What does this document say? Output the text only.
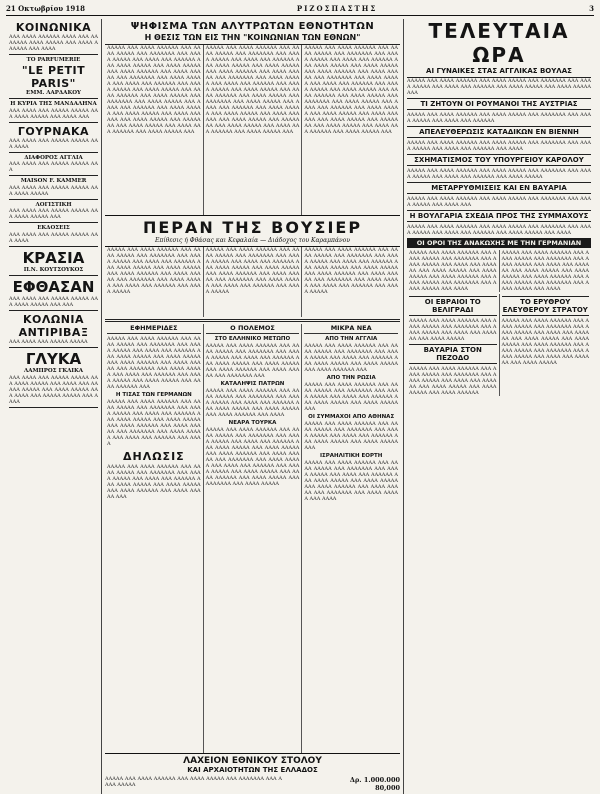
21 Οκτωβρίου 1918	ΡΙΖΟΣΠΑΣΤΗΣ	3
ΚΟΙΝΩΝΙΚΑ
ΑΑΑ ΑΑΑΑ ΑΑΑΑΑΑ ΑΑΑΑ ΑΑΑ ΑΑΑΑΑΑΑ ΑΑΑΑ ΑΑΑΑΑ ΑΑΑ ΑΑΑΑ ΑΑΑΑΑΑ ΑΑΑ ΑΑΑΑ
TO PARFUMERIE
"LE PETIT PARIS"
ΕΜΜ. ΛΑΡΔΑΚΟΥ
Η ΚΥΡΙΑ ΤΗΣ ΜΑΝΔΑΛΗΝΑ
ΑΑΑ ΑΑΑΑ ΑΑΑ ΑΑΑΑΑ ΑΑΑΑΑ ΑΑΑ ΑΑΑΑ ΑΑΑΑΑ ΑΑΑ ΑΑΑΑ ΑΑΑ
ΓΟΥΡΝΑΚΑ
ΑΑΑ ΑΑΑΑ ΑΑΑ ΑΑΑΑΑ ΑΑΑΑΑ ΑΑΑ ΑΑΑΑ
ΔΙΑΦΟΡΟΣ ΑΓΓΛΙΑ
ΑΑΑ ΑΑΑΑ ΑΑΑ ΑΑΑΑΑ ΑΑΑΑΑ ΑΑΑ
MAISON F. KAMMER
ΑΑΑ ΑΑΑΑ ΑΑΑ ΑΑΑΑΑ ΑΑΑΑΑ ΑΑΑ ΑΑΑΑ ΑΑΑΑΑ
ΛΟΓΙΣΤΙΚΗ
ΑΑΑ ΑΑΑΑ ΑΑΑ ΑΑΑΑΑ ΑΑΑΑΑ ΑΑΑ ΑΑΑΑ ΑΑΑΑΑ ΑΑΑ
ΕΚΔΟΣΕΙΣ
ΑΑΑ ΑΑΑΑ ΑΑΑ ΑΑΑΑΑ ΑΑΑΑΑ ΑΑΑ ΑΑΑΑ
ΚΡΑΣΙΑ
Π.Ν. ΚΟΥΤΣΟΥΚΟΣ
ΕΦΘΑΣΑΝ
ΑΑΑ ΑΑΑΑ ΑΑΑ ΑΑΑΑΑ ΑΑΑΑΑ ΑΑΑ ΑΑΑΑ ΑΑΑΑΑ ΑΑΑ ΑΑΑ
ΚΟΛΩΝΙΑ
ΑΝΤΙΡΙΒΑΞ
ΑΑΑ ΑΑΑΑ ΑΑΑ ΑΑΑΑΑ ΑΑΑΑΑ
ΓΛΥΚΑ
ΛΑΜΠΡΟΣ ΓΚΛΙΚΑ
ΑΑΑ ΑΑΑΑ ΑΑΑ ΑΑΑΑΑ ΑΑΑΑΑ ΑΑΑ ΑΑΑΑ ΑΑΑΑΑ ΑΑΑ ΑΑΑΑ ΑΑΑ ΑΑΑΑΑ ΑΑΑΑΑ ΑΑΑ ΑΑΑΑ ΑΑΑΑΑ ΑΑΑ ΑΑΑΑ ΑΑΑ ΑΑΑΑΑ ΑΑΑΑΑ ΑΑΑ ΑΑΑΑ
ΨΗΦΙΣΜΑ ΤΩΝ ΑΛΥΤΡΩΤΩΝ ΕΘΝΟΤΗΤΩΝ
Η ΘΕΣΙΣ ΤΩΝ ΕΙΣ ΤΗΝ "ΚΟΙΝΩΝΙΑΝ ΤΩΝ ΕΘΝΩΝ"
ΑΑΑΑΑ ΑΑΑ ΑΑΑΑ ΑΑΑΑΑΑ ΑΑΑ ΑΑΑΑ ΑΑΑΑΑ ΑΑΑ ΑΑΑΑΑΑΑ ΑΑΑ ΑΑΑΑ ΑΑΑΑΑ ΑΑΑ ΑΑΑΑ ΑΑΑ ΑΑΑΑΑΑ ΑΑΑ ΑΑΑΑ ΑΑΑΑΑ ΑΑΑ ΑΑΑΑ ΑΑΑΑΑ ΑΑΑ ΑΑΑΑ ΑΑΑΑΑΑ ΑΑΑ ΑΑΑΑ ΑΑΑΑΑ ΑΑΑ ΑΑΑΑΑΑΑ ΑΑΑ ΑΑΑΑ ΑΑΑΑΑ ΑΑΑ ΑΑΑΑ ΑΑΑ ΑΑΑΑΑΑ ΑΑΑ ΑΑΑΑ ΑΑΑΑΑ ΑΑΑ ΑΑΑΑ ΑΑΑΑΑ ΑΑΑ ΑΑΑΑ ΑΑΑΑΑΑ ΑΑΑ ΑΑΑΑ ΑΑΑΑΑ ΑΑΑ ΑΑΑΑΑΑΑ ΑΑΑ ΑΑΑΑ ΑΑΑΑΑ ΑΑΑ ΑΑΑΑ ΑΑΑ ΑΑΑΑΑΑ ΑΑΑ ΑΑΑΑ ΑΑΑΑΑ ΑΑΑ ΑΑΑΑ ΑΑΑΑΑ ΑΑΑ ΑΑΑΑ ΑΑΑΑΑΑ ΑΑΑ ΑΑΑΑ ΑΑΑΑΑ ΑΑΑ ΑΑΑΑΑΑΑ ΑΑΑ ΑΑΑΑ ΑΑΑΑΑ ΑΑΑ ΑΑΑΑ ΑΑΑ ΑΑΑΑΑΑ ΑΑΑ ΑΑΑΑ ΑΑΑΑΑ ΑΑΑ
ΑΑΑΑΑ ΑΑΑ ΑΑΑΑ ΑΑΑΑΑΑ ΑΑΑ ΑΑΑΑ ΑΑΑΑΑ ΑΑΑ ΑΑΑΑΑΑΑ ΑΑΑ ΑΑΑΑ ΑΑΑΑΑ ΑΑΑ ΑΑΑΑ ΑΑΑ ΑΑΑΑΑΑ ΑΑΑ ΑΑΑΑ ΑΑΑΑΑ ΑΑΑ ΑΑΑΑ ΑΑΑΑΑ ΑΑΑ ΑΑΑΑ ΑΑΑΑΑΑ ΑΑΑ ΑΑΑΑ ΑΑΑΑΑ ΑΑΑ ΑΑΑΑΑΑΑ ΑΑΑ ΑΑΑΑ ΑΑΑΑΑ ΑΑΑ ΑΑΑΑ ΑΑΑ ΑΑΑΑΑΑ ΑΑΑ ΑΑΑΑ ΑΑΑΑΑ ΑΑΑ ΑΑΑΑ ΑΑΑΑΑ ΑΑΑ ΑΑΑΑ ΑΑΑΑΑΑ ΑΑΑ ΑΑΑΑ ΑΑΑΑΑ ΑΑΑ ΑΑΑΑΑΑΑ ΑΑΑ ΑΑΑΑ ΑΑΑΑΑ ΑΑΑ ΑΑΑΑ ΑΑΑ ΑΑΑΑΑΑ ΑΑΑ ΑΑΑΑ ΑΑΑΑΑ ΑΑΑ ΑΑΑΑ ΑΑΑΑΑ ΑΑΑ ΑΑΑΑ ΑΑΑΑΑΑ ΑΑΑ ΑΑΑΑ ΑΑΑΑΑ ΑΑΑ ΑΑΑΑΑΑΑ ΑΑΑ ΑΑΑΑ ΑΑΑΑΑ ΑΑΑ ΑΑΑΑ ΑΑΑ ΑΑΑΑΑΑ ΑΑΑ ΑΑΑΑ ΑΑΑΑΑ ΑΑΑ
ΑΑΑΑΑ ΑΑΑ ΑΑΑΑ ΑΑΑΑΑΑ ΑΑΑ ΑΑΑΑ ΑΑΑΑΑ ΑΑΑ ΑΑΑΑΑΑΑ ΑΑΑ ΑΑΑΑ ΑΑΑΑΑ ΑΑΑ ΑΑΑΑ ΑΑΑ ΑΑΑΑΑΑ ΑΑΑ ΑΑΑΑ ΑΑΑΑΑ ΑΑΑ ΑΑΑΑ ΑΑΑΑΑ ΑΑΑ ΑΑΑΑ ΑΑΑΑΑΑ ΑΑΑ ΑΑΑΑ ΑΑΑΑΑ ΑΑΑ ΑΑΑΑΑΑΑ ΑΑΑ ΑΑΑΑ ΑΑΑΑΑ ΑΑΑ ΑΑΑΑ ΑΑΑ ΑΑΑΑΑΑ ΑΑΑ ΑΑΑΑ ΑΑΑΑΑ ΑΑΑ ΑΑΑΑ ΑΑΑΑΑ ΑΑΑ ΑΑΑΑ ΑΑΑΑΑΑ ΑΑΑ ΑΑΑΑ ΑΑΑΑΑ ΑΑΑ ΑΑΑΑΑΑΑ ΑΑΑ ΑΑΑΑ ΑΑΑΑΑ ΑΑΑ ΑΑΑΑ ΑΑΑ ΑΑΑΑΑΑ ΑΑΑ ΑΑΑΑ ΑΑΑΑΑ ΑΑΑ ΑΑΑΑ ΑΑΑΑΑ ΑΑΑ ΑΑΑΑ ΑΑΑΑΑΑ ΑΑΑ ΑΑΑΑ ΑΑΑΑΑ ΑΑΑ ΑΑΑΑΑΑΑ ΑΑΑ ΑΑΑΑ ΑΑΑΑΑ ΑΑΑ ΑΑΑΑ ΑΑΑ ΑΑΑΑΑΑ ΑΑΑ ΑΑΑΑ ΑΑΑΑΑ ΑΑΑ
ΠΕΡΑΝ ΤΗΣ ΒΟΥΣΙΕΡ
Επίθεσις ή Φθάσας και Κεφαλαία — Διάδοχος του Καραμπάνου
ΑΑΑΑΑ ΑΑΑ ΑΑΑΑ ΑΑΑΑΑΑ ΑΑΑ ΑΑΑΑ ΑΑΑΑΑ ΑΑΑ ΑΑΑΑΑΑΑ ΑΑΑ ΑΑΑΑ ΑΑΑΑΑ ΑΑΑ ΑΑΑΑ ΑΑΑ ΑΑΑΑΑΑ ΑΑΑ ΑΑΑΑ ΑΑΑΑΑ ΑΑΑ ΑΑΑΑ ΑΑΑΑΑ ΑΑΑ ΑΑΑΑ ΑΑΑΑΑΑ ΑΑΑ ΑΑΑΑ ΑΑΑΑΑ ΑΑΑ ΑΑΑΑΑΑΑ ΑΑΑ ΑΑΑΑ ΑΑΑΑΑ ΑΑΑ ΑΑΑΑ ΑΑΑ ΑΑΑΑΑΑ ΑΑΑ ΑΑΑΑ ΑΑΑΑΑ
ΑΑΑΑΑ ΑΑΑ ΑΑΑΑ ΑΑΑΑΑΑ ΑΑΑ ΑΑΑΑ ΑΑΑΑΑ ΑΑΑ ΑΑΑΑΑΑΑ ΑΑΑ ΑΑΑΑ ΑΑΑΑΑ ΑΑΑ ΑΑΑΑ ΑΑΑ ΑΑΑΑΑΑ ΑΑΑ ΑΑΑΑ ΑΑΑΑΑ ΑΑΑ ΑΑΑΑ ΑΑΑΑΑ ΑΑΑ ΑΑΑΑ ΑΑΑΑΑΑ ΑΑΑ ΑΑΑΑ ΑΑΑΑΑ ΑΑΑ ΑΑΑΑΑΑΑ ΑΑΑ ΑΑΑΑ ΑΑΑΑΑ ΑΑΑ ΑΑΑΑ ΑΑΑ ΑΑΑΑΑΑ ΑΑΑ ΑΑΑΑ ΑΑΑΑΑ
ΑΑΑΑΑ ΑΑΑ ΑΑΑΑ ΑΑΑΑΑΑ ΑΑΑ ΑΑΑΑ ΑΑΑΑΑ ΑΑΑ ΑΑΑΑΑΑΑ ΑΑΑ ΑΑΑΑ ΑΑΑΑΑ ΑΑΑ ΑΑΑΑ ΑΑΑ ΑΑΑΑΑΑ ΑΑΑ ΑΑΑΑ ΑΑΑΑΑ ΑΑΑ ΑΑΑΑ ΑΑΑΑΑ ΑΑΑ ΑΑΑΑ ΑΑΑΑΑΑ ΑΑΑ ΑΑΑΑ ΑΑΑΑΑ ΑΑΑ ΑΑΑΑΑΑΑ ΑΑΑ ΑΑΑΑ ΑΑΑΑΑ ΑΑΑ ΑΑΑΑ ΑΑΑ ΑΑΑΑΑΑ ΑΑΑ ΑΑΑΑ ΑΑΑΑΑ
ΕΦΗΜΕΡΙΔΕΣ
ΑΑΑΑΑ ΑΑΑ ΑΑΑΑ ΑΑΑΑΑΑ ΑΑΑ ΑΑΑΑ ΑΑΑΑΑ ΑΑΑ ΑΑΑΑΑΑΑ ΑΑΑ ΑΑΑΑ ΑΑΑΑΑ ΑΑΑ ΑΑΑΑ ΑΑΑ ΑΑΑΑΑΑ ΑΑΑ ΑΑΑΑ ΑΑΑΑΑ ΑΑΑ ΑΑΑΑ ΑΑΑΑΑ ΑΑΑ ΑΑΑΑ ΑΑΑΑΑΑ ΑΑΑ ΑΑΑΑ ΑΑΑΑΑ ΑΑΑ ΑΑΑΑΑΑΑ ΑΑΑ ΑΑΑΑ ΑΑΑΑΑ ΑΑΑ ΑΑΑΑ ΑΑΑ ΑΑΑΑΑΑ ΑΑΑ ΑΑΑΑ ΑΑΑΑΑ ΑΑΑ ΑΑΑΑ ΑΑΑΑΑ ΑΑΑ ΑΑΑΑ ΑΑΑΑΑΑ ΑΑΑ
Η ΤΙΣΑΣ ΤΩΝ ΓΕΡΜΑΝΩΝ
ΑΑΑΑΑ ΑΑΑ ΑΑΑΑ ΑΑΑΑΑΑ ΑΑΑ ΑΑΑΑ ΑΑΑΑΑ ΑΑΑ ΑΑΑΑΑΑΑ ΑΑΑ ΑΑΑΑ ΑΑΑΑΑ ΑΑΑ ΑΑΑΑ ΑΑΑ ΑΑΑΑΑΑ ΑΑΑ ΑΑΑΑ ΑΑΑΑΑ ΑΑΑ ΑΑΑΑ ΑΑΑΑΑ ΑΑΑ ΑΑΑΑ ΑΑΑΑΑΑ ΑΑΑ ΑΑΑΑ ΑΑΑΑΑ ΑΑΑ ΑΑΑΑΑΑΑ ΑΑΑ ΑΑΑΑ ΑΑΑΑΑ ΑΑΑ ΑΑΑΑ ΑΑΑ ΑΑΑΑΑΑ ΑΑΑ ΑΑΑΑ
ΔΗΛΩΣΙΣ
ΑΑΑΑΑ ΑΑΑ ΑΑΑΑ ΑΑΑΑΑΑ ΑΑΑ ΑΑΑΑ ΑΑΑΑΑ ΑΑΑ ΑΑΑΑΑΑΑ ΑΑΑ ΑΑΑΑ ΑΑΑΑΑ ΑΑΑ ΑΑΑΑ ΑΑΑ ΑΑΑΑΑΑ ΑΑΑ ΑΑΑΑ ΑΑΑΑΑ ΑΑΑ ΑΑΑΑ ΑΑΑΑΑ ΑΑΑ ΑΑΑΑ ΑΑΑΑΑΑ ΑΑΑ ΑΑΑΑ ΑΑΑΑΑ ΑΑΑ
Ο ΠΟΛΕΜΟΣ
ΣΤΟ ΕΛΛΗΝΙΚΟ ΜΕΤΩΠΟ
ΑΑΑΑΑ ΑΑΑ ΑΑΑΑ ΑΑΑΑΑΑ ΑΑΑ ΑΑΑΑ ΑΑΑΑΑ ΑΑΑ ΑΑΑΑΑΑΑ ΑΑΑ ΑΑΑΑ ΑΑΑΑΑ ΑΑΑ ΑΑΑΑ ΑΑΑ ΑΑΑΑΑΑ ΑΑΑ ΑΑΑΑ ΑΑΑΑΑ ΑΑΑ ΑΑΑΑ ΑΑΑΑΑ ΑΑΑ ΑΑΑΑ ΑΑΑΑΑΑ ΑΑΑ ΑΑΑΑ ΑΑΑΑΑ ΑΑΑ ΑΑΑΑΑΑΑ ΑΑΑ
ΚΑΤΑΛΗΨΙΣ ΠΑΤΡΩΝ
ΑΑΑΑΑ ΑΑΑ ΑΑΑΑ ΑΑΑΑΑΑ ΑΑΑ ΑΑΑΑ ΑΑΑΑΑ ΑΑΑ ΑΑΑΑΑΑΑ ΑΑΑ ΑΑΑΑ ΑΑΑΑΑ ΑΑΑ ΑΑΑΑ ΑΑΑ ΑΑΑΑΑΑ ΑΑΑ ΑΑΑΑ ΑΑΑΑΑ ΑΑΑ ΑΑΑΑ ΑΑΑΑΑ ΑΑΑ ΑΑΑΑ ΑΑΑΑΑΑ ΑΑΑ ΑΑΑΑ
ΝΕΑΡΑ ΤΟΥΡΚΑ
ΑΑΑΑΑ ΑΑΑ ΑΑΑΑ ΑΑΑΑΑΑ ΑΑΑ ΑΑΑΑ ΑΑΑΑΑ ΑΑΑ ΑΑΑΑΑΑΑ ΑΑΑ ΑΑΑΑ ΑΑΑΑΑ ΑΑΑ ΑΑΑΑ ΑΑΑ ΑΑΑΑΑΑ ΑΑΑ ΑΑΑΑ ΑΑΑΑΑ ΑΑΑ ΑΑΑΑ ΑΑΑΑΑ ΑΑΑ ΑΑΑΑ ΑΑΑΑΑΑ ΑΑΑ ΑΑΑΑ ΑΑΑΑΑ ΑΑΑ ΑΑΑΑΑΑΑ ΑΑΑ ΑΑΑΑ ΑΑΑΑΑ ΑΑΑ ΑΑΑΑ ΑΑΑ ΑΑΑΑΑΑ ΑΑΑ ΑΑΑΑ ΑΑΑΑΑ ΑΑΑ ΑΑΑΑ ΑΑΑΑΑ ΑΑΑ ΑΑΑΑ ΑΑΑΑΑΑ ΑΑΑ ΑΑΑΑ ΑΑΑΑΑ ΑΑΑ ΑΑΑΑΑΑΑ ΑΑΑ ΑΑΑΑ ΑΑΑΑΑ
ΜΙΚΡΑ ΝΕΑ
ΑΠΟ ΤΗΝ ΑΓΓΛΙΑ
ΑΑΑΑΑ ΑΑΑ ΑΑΑΑ ΑΑΑΑΑΑ ΑΑΑ ΑΑΑΑ ΑΑΑΑΑ ΑΑΑ ΑΑΑΑΑΑΑ ΑΑΑ ΑΑΑΑ ΑΑΑΑΑ ΑΑΑ ΑΑΑΑ ΑΑΑ ΑΑΑΑΑΑ ΑΑΑ ΑΑΑΑ ΑΑΑΑΑ ΑΑΑ ΑΑΑΑ ΑΑΑΑΑ ΑΑΑ ΑΑΑΑ ΑΑΑΑΑΑ ΑΑΑ
ΑΠΟ ΤΗΝ ΡΩΣΙΑ
ΑΑΑΑΑ ΑΑΑ ΑΑΑΑ ΑΑΑΑΑΑ ΑΑΑ ΑΑΑΑ ΑΑΑΑΑ ΑΑΑ ΑΑΑΑΑΑΑ ΑΑΑ ΑΑΑΑ ΑΑΑΑΑ ΑΑΑ ΑΑΑΑ ΑΑΑ ΑΑΑΑΑΑ ΑΑΑ ΑΑΑΑ ΑΑΑΑΑ ΑΑΑ ΑΑΑΑ ΑΑΑΑΑ ΑΑΑ
ΟΙ ΣΥΜΜΑΧΟΙ ΑΠΟ ΑΘΗΝΑΣ
ΑΑΑΑΑ ΑΑΑ ΑΑΑΑ ΑΑΑΑΑΑ ΑΑΑ ΑΑΑΑ ΑΑΑΑΑ ΑΑΑ ΑΑΑΑΑΑΑ ΑΑΑ ΑΑΑΑ ΑΑΑΑΑ ΑΑΑ ΑΑΑΑ ΑΑΑ ΑΑΑΑΑΑ ΑΑΑ ΑΑΑΑ ΑΑΑΑΑ ΑΑΑ ΑΑΑΑ ΑΑΑΑΑ ΑΑΑ
ΙΣΡΑΗΛΙΤΙΚΗ ΕΟΡΤΗ
ΑΑΑΑΑ ΑΑΑ ΑΑΑΑ ΑΑΑΑΑΑ ΑΑΑ ΑΑΑΑ ΑΑΑΑΑ ΑΑΑ ΑΑΑΑΑΑΑ ΑΑΑ ΑΑΑΑ ΑΑΑΑΑ ΑΑΑ ΑΑΑΑ ΑΑΑ ΑΑΑΑΑΑ ΑΑΑ ΑΑΑΑ ΑΑΑΑΑ ΑΑΑ ΑΑΑΑ ΑΑΑΑΑ ΑΑΑ ΑΑΑΑ ΑΑΑΑΑΑ ΑΑΑ ΑΑΑΑ ΑΑΑΑΑ ΑΑΑ ΑΑΑΑΑΑΑ ΑΑΑ ΑΑΑΑ ΑΑΑΑΑ ΑΑΑ ΑΑΑΑ
ΛΑΧΕΙΟΝ ΕΘΝΙΚΟΥ ΣΤΟΛΟΥ
ΚΑΙ ΑΡΧΑΙΟΤΗΤΩΝ ΤΗΣ ΕΛΛΑΔΟΣ
ΑΑΑΑΑ ΑΑΑ ΑΑΑΑ ΑΑΑΑΑΑ ΑΑΑ ΑΑΑΑ ΑΑΑΑΑ ΑΑΑ ΑΑΑΑΑΑΑ ΑΑΑ ΑΑΑΑ ΑΑΑΑΑ
Δρ. 1.000.000
80,000
ΤΕΛΕΥΤΑΙΑ ΩΡΑ
ΑΙ ΓΥΝΑΙΚΕΣ ΣΤΑΣ ΑΓΓΛΙΚΑΣ ΒΟΥΛΑΣ
ΑΑΑΑΑ ΑΑΑ ΑΑΑΑ ΑΑΑΑΑΑ ΑΑΑ ΑΑΑΑ ΑΑΑΑΑ ΑΑΑ ΑΑΑΑΑΑΑ ΑΑΑ ΑΑΑΑ ΑΑΑΑΑ ΑΑΑ ΑΑΑΑ ΑΑΑ ΑΑΑΑΑΑ ΑΑΑ ΑΑΑΑ ΑΑΑΑΑ ΑΑΑ ΑΑΑΑ ΑΑΑΑΑ ΑΑΑ
ΤΙ ΖΗΤΟΥΝ ΟΙ ΡΟΥΜΑΝΟΙ ΤΗΣ ΑΥΣΤΡΙΑΣ
ΑΑΑΑΑ ΑΑΑ ΑΑΑΑ ΑΑΑΑΑΑ ΑΑΑ ΑΑΑΑ ΑΑΑΑΑ ΑΑΑ ΑΑΑΑΑΑΑ ΑΑΑ ΑΑΑΑ ΑΑΑΑΑ ΑΑΑ ΑΑΑΑ ΑΑΑ ΑΑΑΑΑΑ
ΑΠΕΛΕΥΘΕΡΩΣΙΣ ΚΑΤΑΔΙΚΩΝ ΕΝ ΒΙΕΝΝΗ
ΑΑΑΑΑ ΑΑΑ ΑΑΑΑ ΑΑΑΑΑΑ ΑΑΑ ΑΑΑΑ ΑΑΑΑΑ ΑΑΑ ΑΑΑΑΑΑΑ ΑΑΑ ΑΑΑΑ ΑΑΑΑΑ ΑΑΑ ΑΑΑΑ ΑΑΑ ΑΑΑΑΑΑ ΑΑΑ ΑΑΑΑ
ΣΧΗΜΑΤΙΣΜΟΣ ΤΟΥ ΥΠΟΥΡΓΕΙΟΥ ΚΑΡΟΛΟΥ
ΑΑΑΑΑ ΑΑΑ ΑΑΑΑ ΑΑΑΑΑΑ ΑΑΑ ΑΑΑΑ ΑΑΑΑΑ ΑΑΑ ΑΑΑΑΑΑΑ ΑΑΑ ΑΑΑΑ ΑΑΑΑΑ ΑΑΑ ΑΑΑΑ ΑΑΑ ΑΑΑΑΑΑ ΑΑΑ ΑΑΑΑ ΑΑΑΑΑ
ΜΕΤΑΡΡΥΘΜΙΣΕΙΣ ΚΑΙ ΕΝ ΒΑΥΑΡΙΑ
ΑΑΑΑΑ ΑΑΑ ΑΑΑΑ ΑΑΑΑΑΑ ΑΑΑ ΑΑΑΑ ΑΑΑΑΑ ΑΑΑ ΑΑΑΑΑΑΑ ΑΑΑ ΑΑΑΑ ΑΑΑΑΑ ΑΑΑ ΑΑΑΑ ΑΑΑ
Η ΒΟΥΛΓΑΡΙΑ ΣΧΕΔΙΑ ΠΡΟΣ ΤΗΣ ΣΥΜΜΑΧΟΥΣ
ΑΑΑΑΑ ΑΑΑ ΑΑΑΑ ΑΑΑΑΑΑ ΑΑΑ ΑΑΑΑ ΑΑΑΑΑ ΑΑΑ ΑΑΑΑΑΑΑ ΑΑΑ ΑΑΑΑ ΑΑΑΑΑ ΑΑΑ ΑΑΑΑ ΑΑΑ ΑΑΑΑΑΑ ΑΑΑ ΑΑΑΑ ΑΑΑΑΑ ΑΑΑ ΑΑΑΑ
ΟΙ ΟΡΟΙ ΤΗΣ ΑΝΑΚΩΧΗΣ ΜΕ ΤΗΝ ΓΕΡΜΑΝΙΑΝ
ΑΑΑΑΑ ΑΑΑ ΑΑΑΑ ΑΑΑΑΑΑ ΑΑΑ ΑΑΑΑ ΑΑΑΑΑ ΑΑΑ ΑΑΑΑΑΑΑ ΑΑΑ ΑΑΑΑ ΑΑΑΑΑ ΑΑΑ ΑΑΑΑ ΑΑΑ ΑΑΑΑΑΑ ΑΑΑ ΑΑΑΑ ΑΑΑΑΑ ΑΑΑ ΑΑΑΑ ΑΑΑΑΑ ΑΑΑ ΑΑΑΑ ΑΑΑΑΑΑ ΑΑΑ ΑΑΑΑ ΑΑΑΑΑ ΑΑΑ ΑΑΑΑΑΑΑ ΑΑΑ ΑΑΑΑ ΑΑΑΑΑ ΑΑΑ ΑΑΑΑ
ΑΑΑΑΑ ΑΑΑ ΑΑΑΑ ΑΑΑΑΑΑ ΑΑΑ ΑΑΑΑ ΑΑΑΑΑ ΑΑΑ ΑΑΑΑΑΑΑ ΑΑΑ ΑΑΑΑ ΑΑΑΑΑ ΑΑΑ ΑΑΑΑ ΑΑΑ ΑΑΑΑΑΑ ΑΑΑ ΑΑΑΑ ΑΑΑΑΑ ΑΑΑ ΑΑΑΑ ΑΑΑΑΑ ΑΑΑ ΑΑΑΑ ΑΑΑΑΑΑ ΑΑΑ ΑΑΑΑ ΑΑΑΑΑ ΑΑΑ ΑΑΑΑΑΑΑ ΑΑΑ ΑΑΑΑ ΑΑΑΑΑ ΑΑΑ ΑΑΑΑ
ΟΙ ΕΒΡΑΙΟΙ ΤΟ ΒΕΛΙΓΡΑΔΙ
ΑΑΑΑΑ ΑΑΑ ΑΑΑΑ ΑΑΑΑΑΑ ΑΑΑ ΑΑΑΑ ΑΑΑΑΑ ΑΑΑ ΑΑΑΑΑΑΑ ΑΑΑ ΑΑΑΑ ΑΑΑΑΑ ΑΑΑ ΑΑΑΑ ΑΑΑ ΑΑΑΑΑΑ ΑΑΑ ΑΑΑΑ ΑΑΑΑΑ
ΒΑΥΑΡΙΑ ΣΤΟΝ ΠΕΖΟΔΟ
ΑΑΑΑΑ ΑΑΑ ΑΑΑΑ ΑΑΑΑΑΑ ΑΑΑ ΑΑΑΑ ΑΑΑΑΑ ΑΑΑ ΑΑΑΑΑΑΑ ΑΑΑ ΑΑΑΑ ΑΑΑΑΑ ΑΑΑ ΑΑΑΑ ΑΑΑ ΑΑΑΑΑΑ ΑΑΑ ΑΑΑΑ ΑΑΑΑΑ ΑΑΑ ΑΑΑΑ ΑΑΑΑΑ ΑΑΑ ΑΑΑΑ ΑΑΑΑΑΑ
ΤΟ ΕΡΥΘΡΟΥ ΕΛΕΥΘΕΡΟΥ ΣΤΡΑΤΟΥ
ΑΑΑΑΑ ΑΑΑ ΑΑΑΑ ΑΑΑΑΑΑ ΑΑΑ ΑΑΑΑ ΑΑΑΑΑ ΑΑΑ ΑΑΑΑΑΑΑ ΑΑΑ ΑΑΑΑ ΑΑΑΑΑ ΑΑΑ ΑΑΑΑ ΑΑΑ ΑΑΑΑΑΑ ΑΑΑ ΑΑΑΑ ΑΑΑΑΑ ΑΑΑ ΑΑΑΑ ΑΑΑΑΑ ΑΑΑ ΑΑΑΑ ΑΑΑΑΑΑ ΑΑΑ ΑΑΑΑ ΑΑΑΑΑ ΑΑΑ ΑΑΑΑΑΑΑ ΑΑΑ ΑΑΑΑ ΑΑΑΑΑ ΑΑΑ ΑΑΑΑ ΑΑΑ ΑΑΑΑΑΑ ΑΑΑ ΑΑΑΑ ΑΑΑΑΑ
